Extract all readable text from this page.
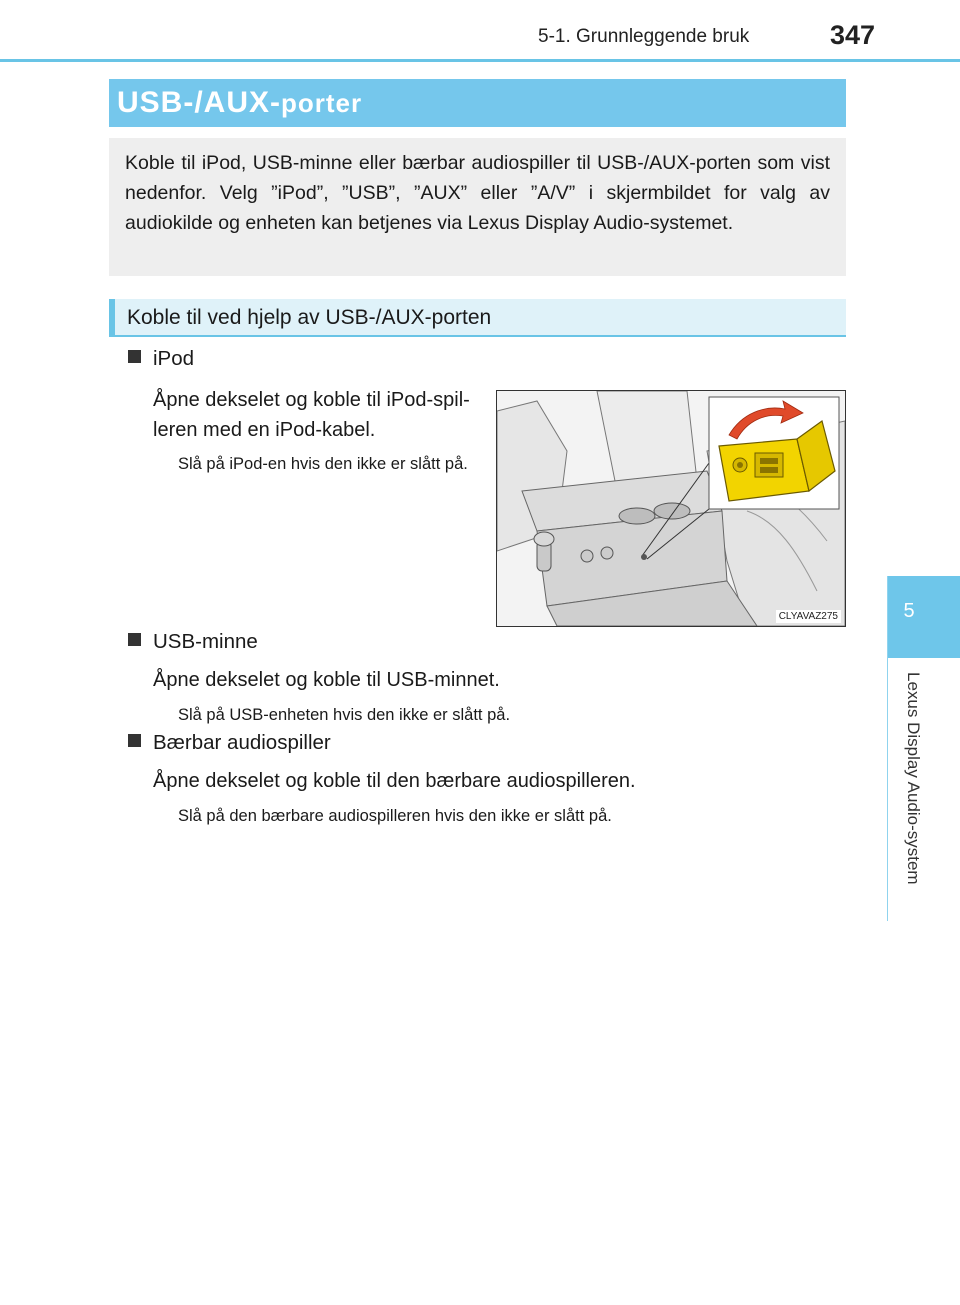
5-1. Grunnleggende bruk	347
5
Lexus Display Audio-system
USB-/AUX-porter
Koble til iPod, USB-minne eller bærbar audiospiller til USB-/AUX-porten som vist nedenfor. Velg ”iPod”, ”USB”, ”AUX” eller ”A/V” i skjermbildet for valg av audiokilde og enheten kan betjenes via Lexus Display Audio-systemet.
Koble til ved hjelp av USB-/AUX-porten
iPod
Åpne dekselet og koble til iPod-spil-leren med en iPod-kabel.
Slå på iPod-en hvis den ikke er slått på.
CLYAVAZ275
USB-minne
Åpne dekselet og koble til USB-minnet.
Slå på USB-enheten hvis den ikke er slått på.
Bærbar audiospiller
Åpne dekselet og koble til den bærbare audiospilleren.
Slå på den bærbare audiospilleren hvis den ikke er slått på.
